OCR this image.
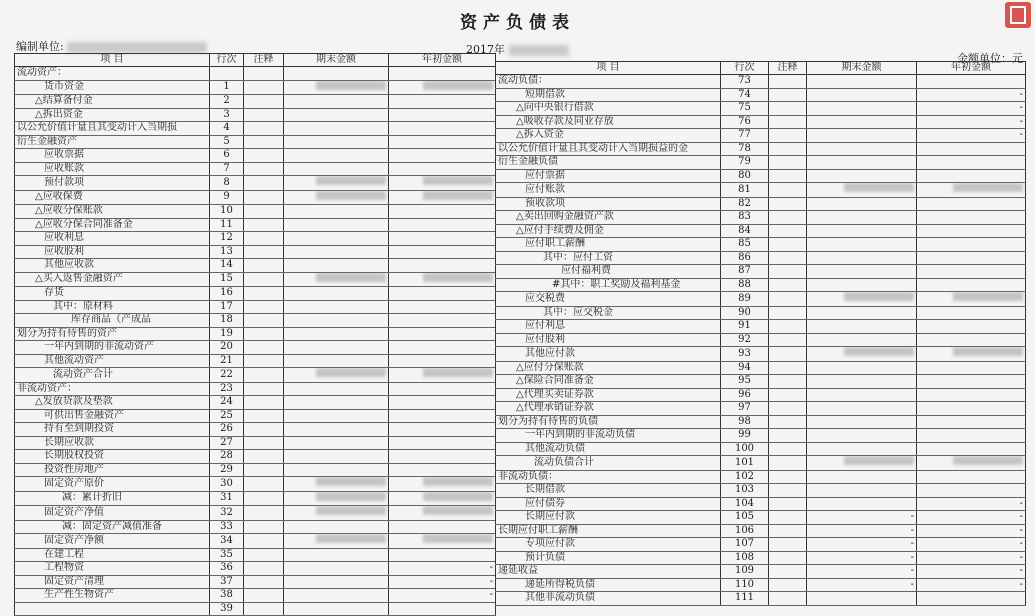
资产负债表
编制单位:	2017年
金额单位：元
项 目	行次	注释	期末金额	年初金额
流动资产：				
货币资金	1			
△结算备付金	2			
△拆出资金	3			
以公允价值计量且其变动计入当期损	4			
衍生金融资产	5			
应收票据	6			
应收账款	7			
预付款项	8			
△应收保费	9			
△应收分保账款	10			
△应收分保合同准备金	11			
应收利息	12			
应收股利	13			
其他应收款	14			
△买入返售金融资产	15			
存货	16			
其中：原材料	17			
库存商品（产成品	18			
划分为持有待售的资产	19			
一年内到期的非流动资产	20			
其他流动资产	21			
流动资产合计	22			
非流动资产：	23			
△发放贷款及垫款	24			
可供出售金融资产	25			
持有至到期投资	26			
长期应收款	27			
长期股权投资	28			
投资性房地产	29			
固定资产原价	30			
减：累计折旧	31			
固定资产净值	32			
减：固定资产减值准备	33			
固定资产净额	34			
在建工程	35			
工程物资	36			-
固定资产清理	37			-
生产性生物资产	38			-
	39			
项 目	行次	注释	期末金额	年初金额
流动负债：	73			
短期借款	74			-
△向中央银行借款	75			-
△吸收存款及同业存放	76			-
△拆入资金	77			-
以公允价值计量且其变动计入当期损益的金	78			
衍生金融负债	79			
应付票据	80			
应付账款	81			
预收款项	82			
△卖出回购金融资产款	83			
△应付手续费及佣金	84			
应付职工薪酬	85			
其中：应付工资	86			
应付福利费	87			
#其中：职工奖励及福利基金	88			
应交税费	89			
其中：应交税金	90			
应付利息	91			
应付股利	92			
其他应付款	93			
△应付分保账款	94			
△保险合同准备金	95			
△代理买卖证券款	96			
△代理承销证券款	97			
划分为持有待售的负债	98			
一年内到期的非流动负债	99			
其他流动负债	100			
流动负债合计	101			
非流动负债：	102			
长期借款	103			
应付债券	104			-
长期应付款	105		-	-
长期应付职工薪酬	106		-	-
专项应付款	107		-	-
预计负债	108		-	-
递延收益	109		-	-
递延所得税负债	110		-	-
其他非流动负债	111			
